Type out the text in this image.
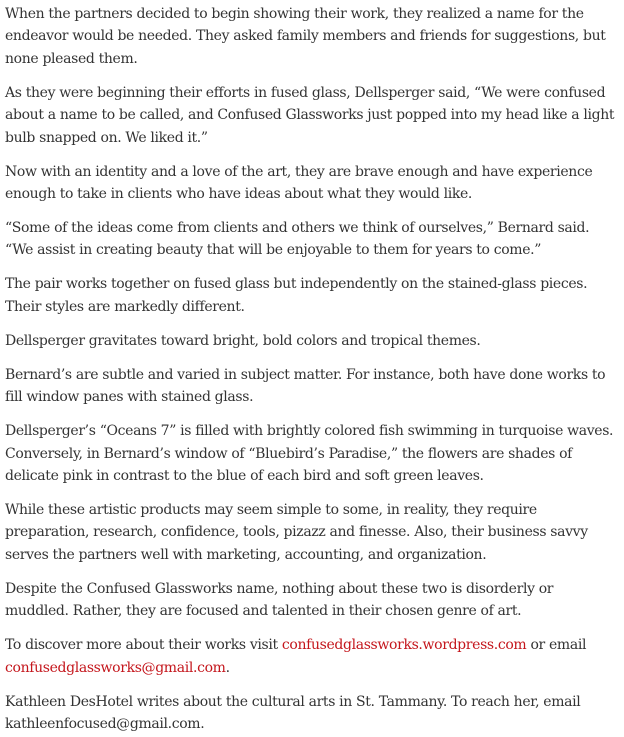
When the partners decided to begin showing their work, they realized a name for the endeavor would be needed. They asked family members and friends for suggestions, but none pleased them.

As they were beginning their efforts in fused glass, Dellsperger said, “We were confused about a name to be called, and Confused Glassworks just popped into my head like a light bulb snapped on. We liked it.”

Now with an identity and a love of the art, they are brave enough and have experience enough to take in clients who have ideas about what they would like.

“Some of the ideas come from clients and others we think of ourselves,” Bernard said. “We assist in creating beauty that will be enjoyable to them for years to come.”

The pair works together on fused glass but independently on the stained-glass pieces. Their styles are markedly different.

Dellsperger gravitates toward bright, bold colors and tropical themes.

Bernard’s are subtle and varied in subject matter. For instance, both have done works to fill window panes with stained glass.

Dellsperger’s “Oceans 7” is filled with brightly colored fish swimming in turquoise waves. Conversely, in Bernard’s window of “Bluebird’s Paradise,” the flowers are shades of delicate pink in contrast to the blue of each bird and soft green leaves.

While these artistic products may seem simple to some, in reality, they require preparation, research, confidence, tools, pizazz and finesse. Also, their business savvy serves the partners well with marketing, accounting, and organization.

Despite the Confused Glassworks name, nothing about these two is disorderly or muddled. Rather, they are focused and talented in their chosen genre of art.

To discover more about their works visit confusedglassworks.wordpress.com or email confusedglassworks@gmail.com.

Kathleen DesHotel writes about the cultural arts in St. Tammany. To reach her, email kathleenfocused@gmail.com.
